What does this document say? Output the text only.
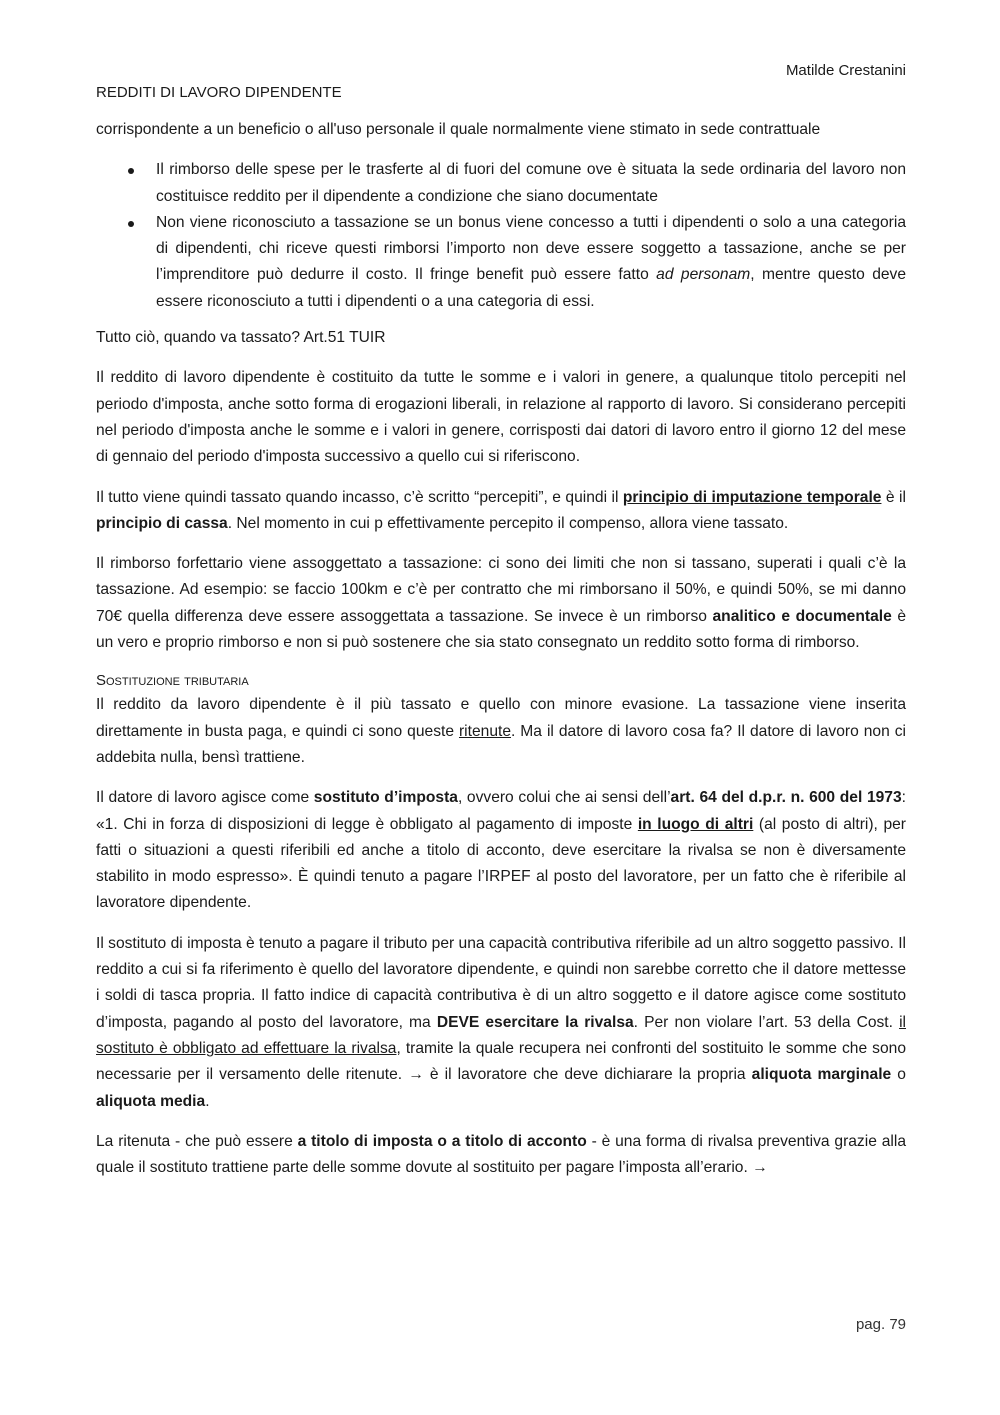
Matilde Crestanini
REDDITI DI LAVORO DIPENDENTE

corrispondente a un beneficio o all'uso personale il quale normalmente viene stimato in sede contrattuale

Il rimborso delle spese per le trasferte al di fuori del comune ove è situata la sede ordinaria del lavoro non costituisce reddito per il dipendente a condizione che siano documentate
Non viene riconosciuto a tassazione se un bonus viene concesso a tutti i dipendenti o solo a una categoria di dipendenti, chi riceve questi rimborsi l’importo non deve essere soggetto a tassazione, anche se per l’imprenditore può dedurre il costo. Il fringe benefit può essere fatto ad personam, mentre questo deve essere riconosciuto a tutti i dipendenti o a una categoria di essi.

Tutto ciò, quando va tassato? Art.51 TUIR

Il reddito di lavoro dipendente è costituito da tutte le somme e i valori in genere, a qualunque titolo percepiti nel periodo d'imposta, anche sotto forma di erogazioni liberali, in relazione al rapporto di lavoro. Si considerano percepiti nel periodo d'imposta anche le somme e i valori in genere, corrisposti dai datori di lavoro entro il giorno 12 del mese di gennaio del periodo d'imposta successivo a quello cui si riferiscono.

Il tutto viene quindi tassato quando incasso, c’è scritto “percepiti”, e quindi il principio di imputazione temporale è il principio di cassa. Nel momento in cui p effettivamente percepito il compenso, allora viene tassato.

Il rimborso forfettario viene assoggettato a tassazione: ci sono dei limiti che non si tassano, superati i quali c’è la tassazione. Ad esempio: se faccio 100km e c’è per contratto che mi rimborsano il 50%, e quindi 50%, se mi danno 70€ quella differenza deve essere assoggettata a tassazione. Se invece è un rimborso analitico e documentale è un vero e proprio rimborso e non si può sostenere che sia stato consegnato un reddito sotto forma di rimborso.

Sostituzione tributaria

Il reddito da lavoro dipendente è il più tassato e quello con minore evasione. La tassazione viene inserita direttamente in busta paga, e quindi ci sono queste ritenute. Ma il datore di lavoro cosa fa? Il datore di lavoro non ci addebita nulla, bensì trattiene.

Il datore di lavoro agisce come sostituto d’imposta, ovvero colui che ai sensi dell’art. 64 del d.p.r. n. 600 del 1973: «1. Chi in forza di disposizioni di legge è obbligato al pagamento di imposte in luogo di altri (al posto di altri), per fatti o situazioni a questi riferibili ed anche a titolo di acconto, deve esercitare la rivalsa se non è diversamente stabilito in modo espresso». È quindi tenuto a pagare l’IRPEF al posto del lavoratore, per un fatto che è riferibile al lavoratore dipendente.

Il sostituto di imposta è tenuto a pagare il tributo per una capacità contributiva riferibile ad un altro soggetto passivo. Il reddito a cui si fa riferimento è quello del lavoratore dipendente, e quindi non sarebbe corretto che il datore mettesse i soldi di tasca propria. Il fatto indice di capacità contributiva è di un altro soggetto e il datore agisce come sostituto d’imposta, pagando al posto del lavoratore, ma DEVE esercitare la rivalsa. Per non violare l’art. 53 della Cost. il sostituto è obbligato ad effettuare la rivalsa, tramite la quale recupera nei confronti del sostituito le somme che sono necessarie per il versamento delle ritenute. → è il lavoratore che deve dichiarare la propria aliquota marginale o aliquota media.

La ritenuta - che può essere a titolo di imposta o a titolo di acconto - è una forma di rivalsa preventiva grazie alla quale il sostituto trattiene parte delle somme dovute al sostituito per pagare l’imposta all’erario. →

pag. 79
